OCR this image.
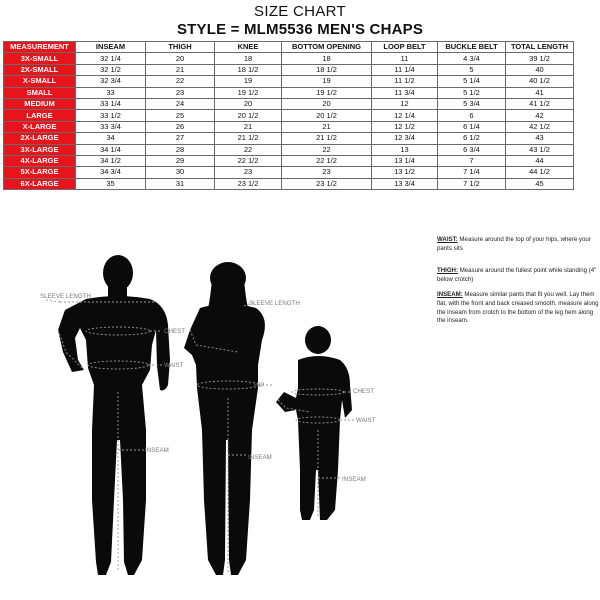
SIZE CHART
STYLE = MLM5536 MEN'S CHAPS
MEASUREMENT	INSEAM	THIGH	KNEE	BOTTOM OPENING	LOOP BELT	BUCKLE BELT	TOTAL LENGTH
3X-SMALL	32 1/4	20	18	18	11	4 3/4	39 1/2
2X-SMALL	32 1/2	21	18 1/2	18 1/2	11 1/4	5	40
X-SMALL	32 3/4	22	19	19	11 1/2	5 1/4	40 1/2
SMALL	33	23	19 1/2	19 1/2	11 3/4	5 1/2	41
MEDIUM	33 1/4	24	20	20	12	5 3/4	41 1/2
LARGE	33 1/2	25	20 1/2	20 1/2	12 1/4	6	42
X-LARGE	33 3/4	26	21	21	12 1/2	6 1/4	42 1/2
2X-LARGE	34	27	21 1/2	21 1/2	12 3/4	6 1/2	43
3X-LARGE	34 1/4	28	22	22	13	6 3/4	43 1/2
4X-LARGE	34 1/2	29	22 1/2	22 1/2	13 1/4	7	44
5X-LARGE	34 3/4	30	23	23	13 1/2	7 1/4	44 1/2
6X-LARGE	35	31	23 1/2	23 1/2	13 3/4	7 1/2	45
SLEEVE LENGTH
CHEST
WAIST
INSEAM
SLEEVE LENGTH
HIP
INSEAM
CHEST
WAIST
INSEAM

WAIST: Measure around the top of your hips, where your pants sits

THIGH: Measure around the fullest point while standing (4" below crotch)

INSEAM: Measure similar pants that fit you well. Lay them flat, with the front and back creased smooth. measure along the inseam from crotch to the bottom of the leg hem along the inseam.
